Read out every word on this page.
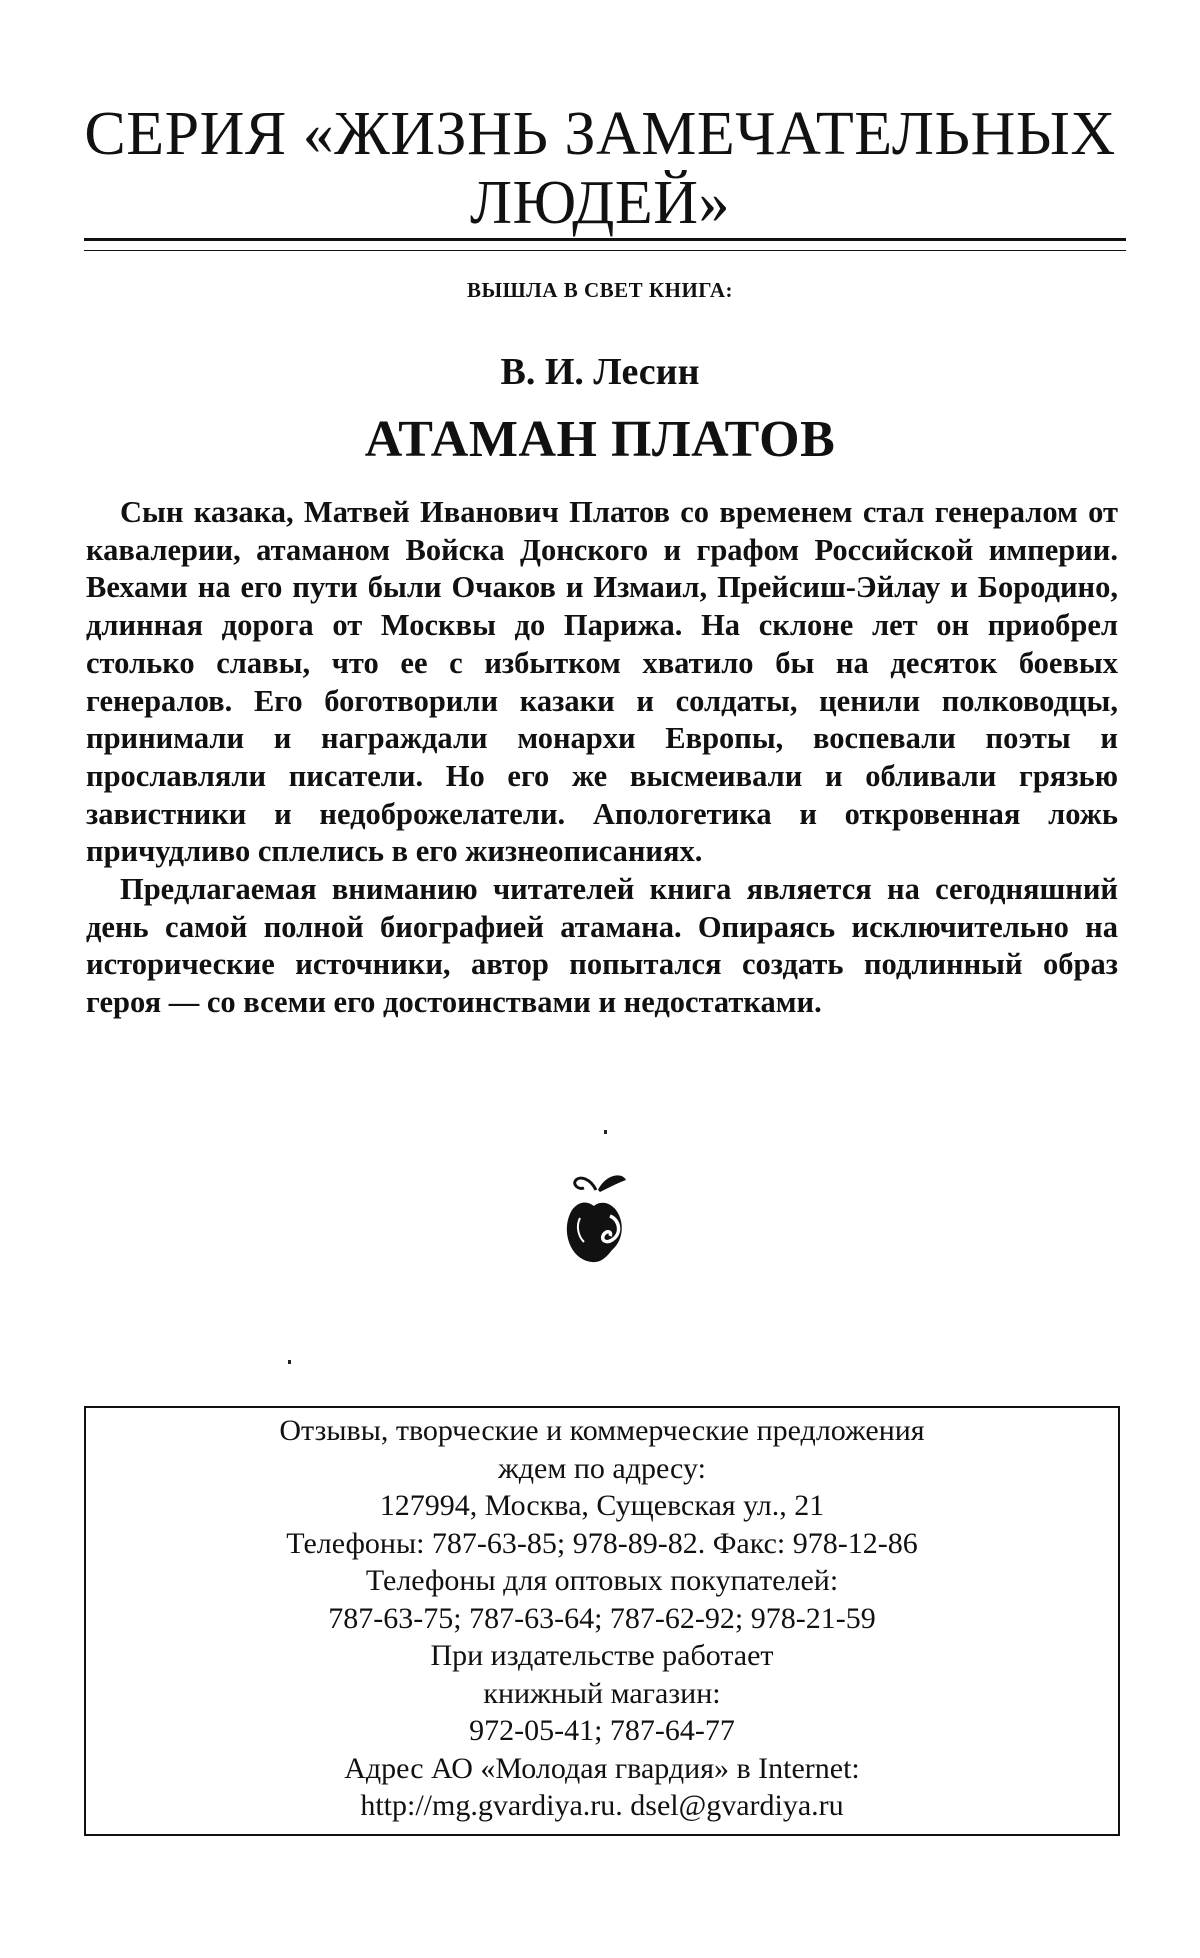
СЕРИЯ «ЖИЗНЬ ЗАМЕЧАТЕЛЬНЫХ ЛЮДЕЙ»
ВЫШЛА В СВЕТ КНИГА:
В. И. Лесин
АТАМАН ПЛАТОВ

Сын казака, Матвей Иванович Платов со временем стал генералом от кавалерии, атаманом Войска Донского и графом Российской империи. Вехами на его пути были Очаков и Измаил, Прейсиш-Эйлау и Бородино, длинная дорога от Москвы до Парижа. На склоне лет он приобрел столько славы, что ее с избытком хватило бы на десяток боевых генералов. Его боготворили казаки и солдаты, ценили полководцы, принимали и награждали монархи Европы, воспевали поэты и прославляли писатели. Но его же высмеивали и обливали грязью завистники и недоброжелатели. Апологетика и откровенная ложь причудливо сплелись в его жизнеописаниях.

Предлагаемая вниманию читателей книга является на сегодняшний день самой полной биографией атамана. Опираясь исключительно на исторические источники, автор попытался создать подлинный образ героя — со всеми его достоинствами и недостатками.

Отзывы, творческие и коммерческие предложения
ждем по адресу:
127994, Москва, Сущевская ул., 21
Телефоны: 787-63-85; 978-89-82. Факс: 978-12-86
Телефоны для оптовых покупателей:
787-63-75; 787-63-64; 787-62-92; 978-21-59
При издательстве работает
книжный магазин:
972-05-41; 787-64-77
Адрес АО «Молодая гвардия» в Internet:
http://mg.gvardiya.ru. dsel@gvardiya.ru
